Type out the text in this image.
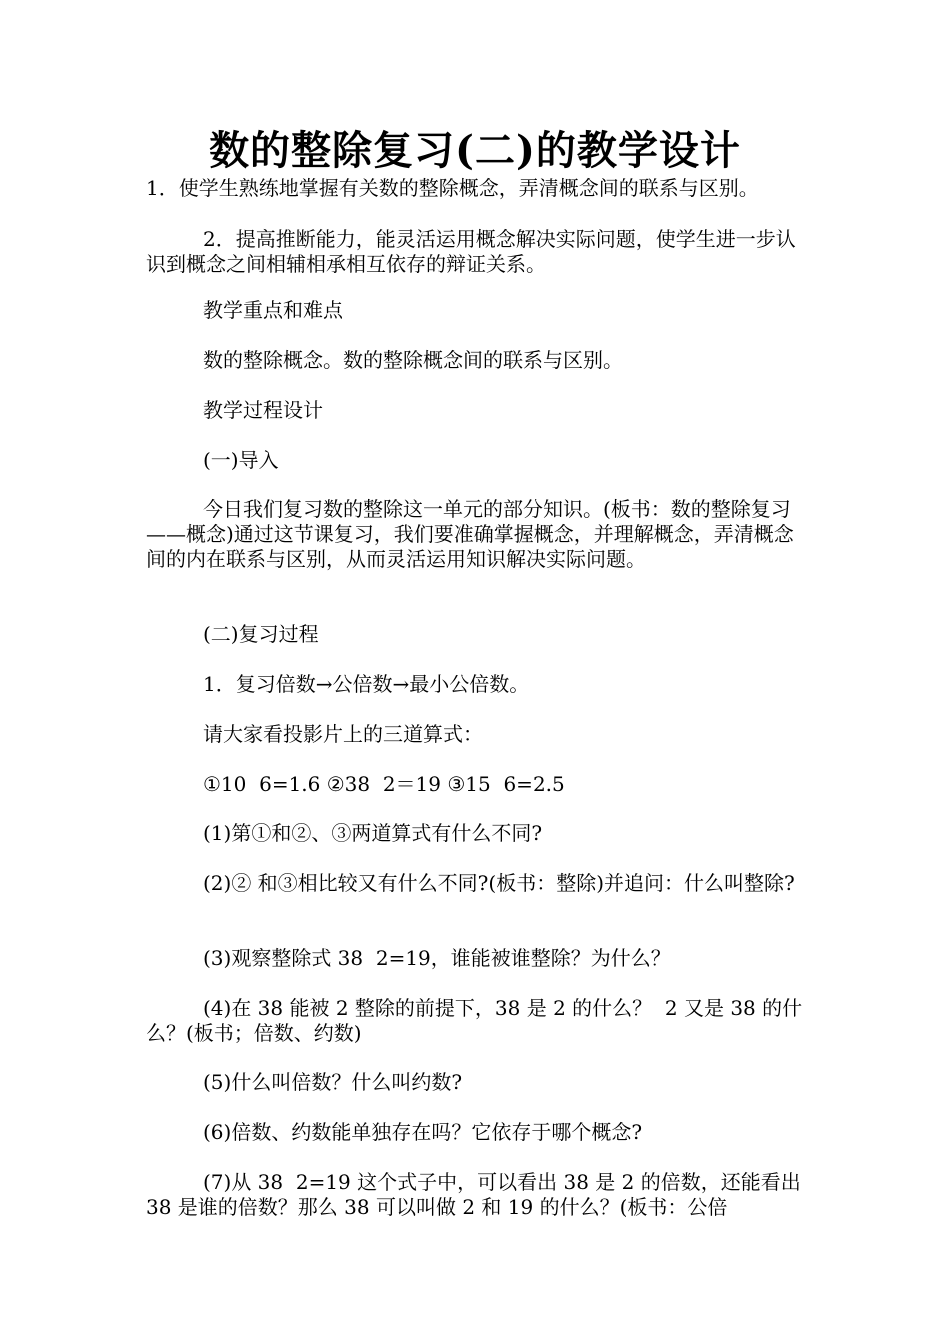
数的整除复习(二)的教学设计
1．使学生熟练地掌握有关数的整除概念，弄清概念间的联系与区别。
2．提高推断能力，能灵活运用概念解决实际问题，使学生进一步认识到概念之间相辅相承相互依存的辩证关系。
教学重点和难点
数的整除概念。数的整除概念间的联系与区别。
教学过程设计
(一)导入
今日我们复习数的整除这一单元的部分知识。(板书：数的整除复习——概念)通过这节课复习，我们要准确掌握概念，并理解概念，弄清概念间的内在联系与区别，从而灵活运用知识解决实际问题。
(二)复习过程
1．复习倍数→公倍数→最小公倍数。
请大家看投影片上的三道算式：
①10  6=1.6 ②38  2＝19 ③15  6=2.5
(1)第①和②、③两道算式有什么不同?
(2)② 和③相比较又有什么不同?(板书：整除)并追问：什么叫整除?
(3)观察整除式 38  2=19，谁能被谁整除？为什么？
(4)在 38 能被 2 整除的前提下，38 是 2 的什么？  2 又是 38 的什么？(板书；倍数、约数)
(5)什么叫倍数？什么叫约数?
(6)倍数、约数能单独存在吗？它依存于哪个概念?
(7)从 38  2=19 这个式子中，可以看出 38 是 2 的倍数，还能看出 38 是谁的倍数？那么 38 可以叫做 2 和 19 的什么？(板书：公倍
